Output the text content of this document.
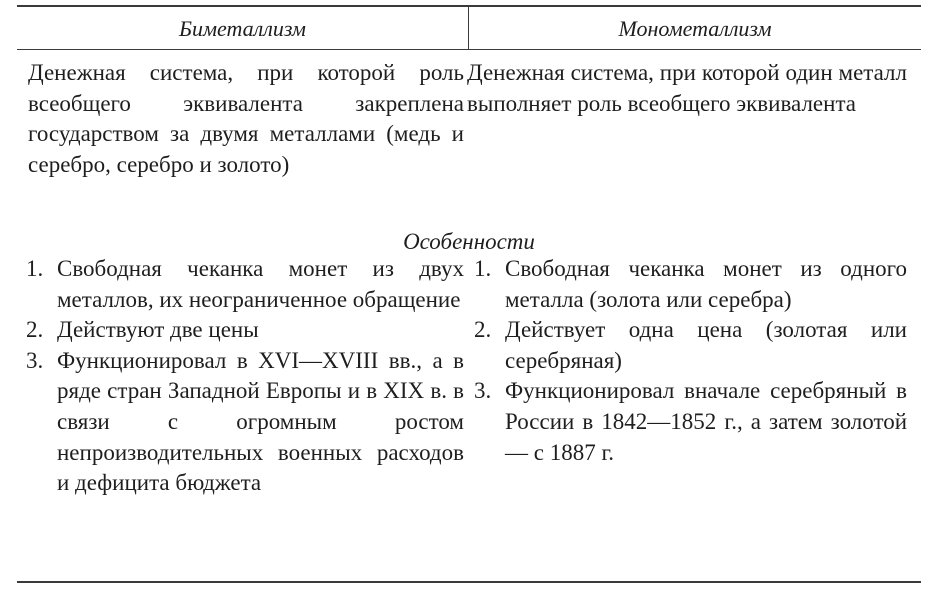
Биметаллизм	Монометаллизм
Денежная система, при которой роль всеобщего эквивалента закреплена государством за двумя металлами (медь и серебро, серебро и золото)
Денежная система, при которой один металл выполняет роль всеобщего эквивалента
Особенности
1. Свободная чеканка монет из двух металлов, их неограниченное обращение
2. Действуют две цены
3. Функционировал в XVI—XVIII вв., а в ряде стран Западной Европы и в XIX в. в связи с огромным ростом непроизводительных военных расходов и дефицита бюджета
1. Свободная чеканка монет из одного металла (золота или серебра)
2. Действует одна цена (золотая или серебряная)
3. Функционировал вначале серебряный в России в 1842—1852 г., а затем золотой — с 1887 г.
